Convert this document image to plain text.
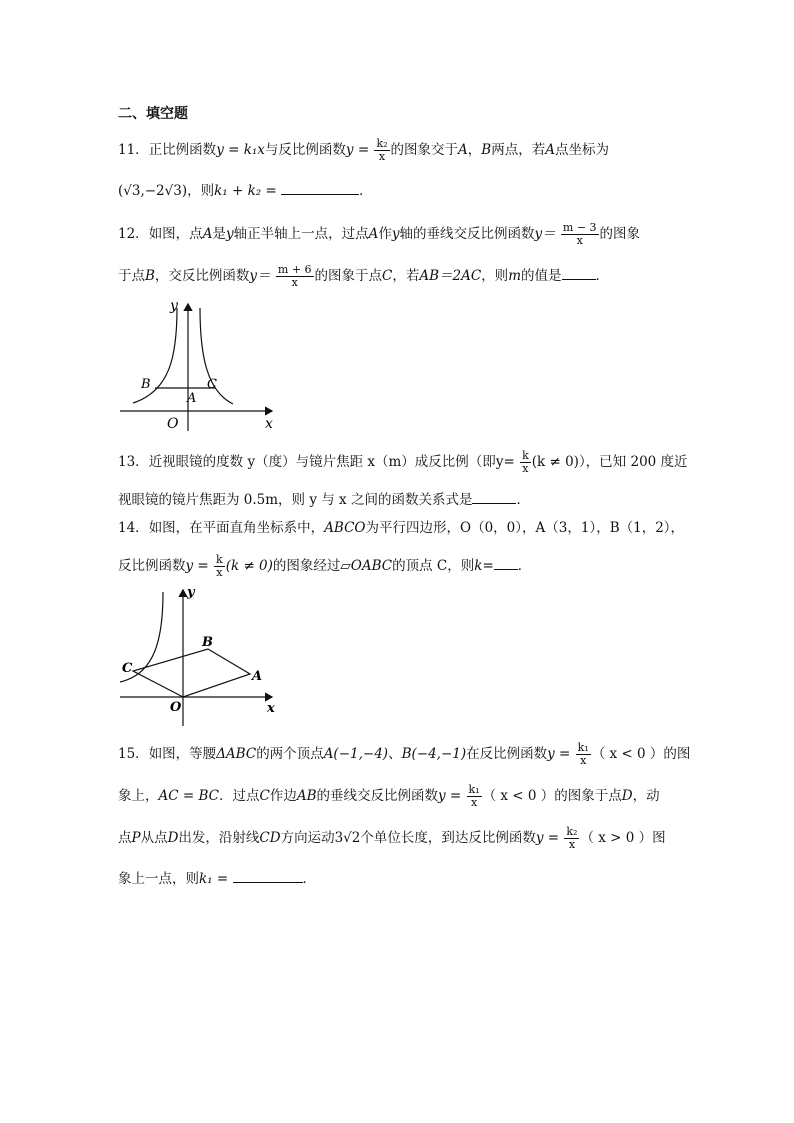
二、填空题
11．正比例函数y = k₁x与反比例函数$y = \frac{\text{k₂}}{x}$ 的图象交于A，B两点，若A点坐标为
(√3,−2√3)，则k₁ + k₂ =	．
12．如图，点A是y轴正半轴上一点，过点A作y轴的垂线交反比例函数$y= \frac{m - 3}{x}$ 的图象
于点B，交反比例函数$y= \frac{m + 6}{x}$ 的图象于点C，若AB＝2AC，则m的值是	．
y
x
O
A
B	C
13．近视眼镜的度数 y（度）与镜片焦距 x（m）成反比例（即$y= \frac{k}{x} (k \ne 0)$），已知 200 度近
视眼镜的镜片焦距为 0.5m，则 y 与 x 之间的函数关系式是	．
14．如图，在平面直角坐标系中，ABCO为平行四边形，O（0，0），A（3，1），B（1，2），
反比例函数$y = \frac{k}{x} (k \ne 0)$的图象经过▱OABC的顶点 C，则k= ．
y
x
O
A
B
C
15．如图，等腰ΔABC的两个顶点A(−1,−4)、B(−4,−1)在反比例函数$y = \frac{\text{k₁}}{x}$ （ x < 0 ）的图
象上，AC = BC．过点C作边AB的垂线交反比例函数$y = \frac{\text{k₁}}{x}$ （ x < 0 ）的图象于点D，动
点P从点D出发，沿射线CD方向运动3√2个单位长度，到达反比例函数$y = \frac{\text{k₂}}{x}$ （ x > 0 ）图
象上一点，则k₁ =	．
